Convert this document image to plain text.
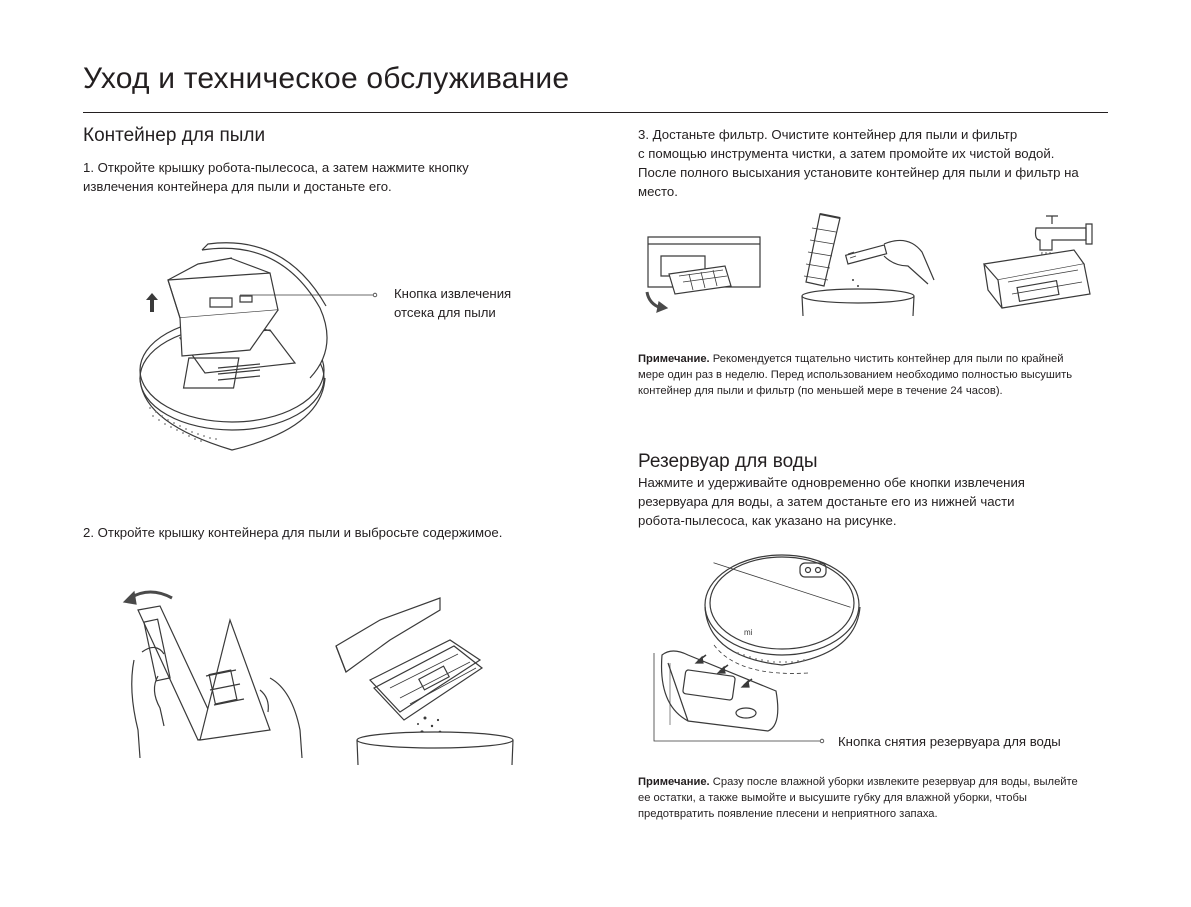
Уход и техническое обслуживание
Контейнер для пыли
1. Откройте крышку робота-пылесоса, а затем нажмите кнопку
извлечения контейнера для пыли и достаньте его.
Кнопка извлечения
отсека для пыли
2. Откройте крышку контейнера для пыли и выбросьте содержимое.
3. Достаньте фильтр. Очистите контейнер для пыли и фильтр
с помощью инструмента чистки, а затем промойте их чистой водой.
После полного высыхания установите контейнер для пыли и фильтр на
место.
Примечание. Рекомендуется тщательно чистить контейнер для пыли по крайней
мере один раз в неделю. Перед использованием необходимо полностью высушить
контейнер для пыли и фильтр (по меньшей мере в течение 24 часов).
Резервуар для воды
Нажмите и удерживайте одновременно обе кнопки извлечения
резервуара для воды, а затем достаньте его из нижней части
робота-пылесоса, как указано на рисунке.
mi
Кнопка снятия резервуара для воды
Примечание. Сразу после влажной уборки извлеките резервуар для воды, вылейте
ее остатки, а также вымойте и высушите губку для влажной уборки, чтобы
предотвратить появление плесени и неприятного запаха.
